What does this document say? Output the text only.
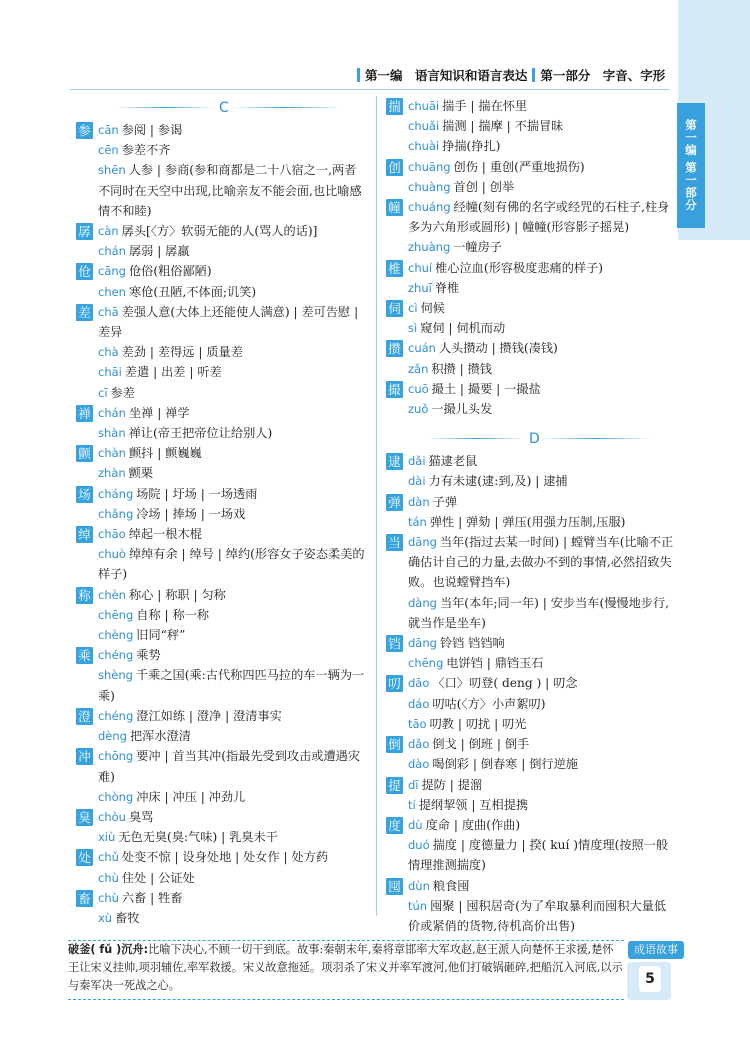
第一编 第一部分
第一编 语言知识和语言表达 第一部分 字音、字形
C
参 cān 参阅 | 参谒
cēn 参差不齐
shēn 人参 | 参商(参和商都是二十八宿之一,两者不同时在天空中出现,比喻亲友不能会面,也比喻感情不和睦)
孱 càn 孱头[〈方〉软弱无能的人(骂人的话)]
chán 孱弱 | 孱羸
伧 cāng 伧俗(粗俗鄙陋)
chen 寒伧(丑陋,不体面;讥笑)
差 chā 差强人意(大体上还能使人满意) | 差可告慰 | 差异
chà 差劲 | 差得远 | 质量差
chāi 差遣 | 出差 | 听差
cī 参差
禅 chán 坐禅 | 禅学
shàn 禅让(帝王把帝位让给别人)
颤 chàn 颤抖 | 颤巍巍
zhàn 颤栗
场 cháng 场院 | 圩场 | 一场透雨
chǎng 冷场 | 捧场 | 一场戏
绰 chāo 绰起一根木棍
chuò 绰绰有余 | 绰号 | 绰约(形容女子姿态柔美的样子)
称 chèn 称心 | 称职 | 匀称
chēng 自称 | 称一称
chèng 旧同“秤”
乘 chéng 乘势
shèng 千乘之国(乘:古代称四匹马拉的车一辆为一乘)
澄 chéng 澄江如练 | 澄净 | 澄清事实
dèng 把浑水澄清
冲 chōng 要冲 | 首当其冲(指最先受到攻击或遭遇灾难)
chòng 冲床 | 冲压 | 冲劲儿
臭 chòu 臭骂
xiù 无色无臭(臭:气味) | 乳臭未干
处 chǔ 处变不惊 | 设身处地 | 处女作 | 处方药
chù 住处 | 公证处
畜 chù 六畜 | 牲畜
xù 畜牧
揣 chuāi 揣手 | 揣在怀里
chuǎi 揣测 | 揣摩 | 不揣冒昧
chuài 挣揣(挣扎)
创 chuāng 创伤 | 重创(严重地损伤)
chuàng 首创 | 创举
幢 chuáng 经幢(刻有佛的名字或经咒的石柱子,柱身多为六角形或圆形) | 幢幢(形容影子摇晃)
zhuàng 一幢房子
椎 chuí 椎心泣血(形容极度悲痛的样子)
zhuī 脊椎
伺 cì 伺候
sì 窥伺 | 伺机而动
攒 cuán 人头攒动 | 攒钱(凑钱)
zǎn 积攒 | 攒钱
撮 cuō 撮土 | 撮要 | 一撮盐
zuǒ 一撮儿头发
D
逮 dǎi 猫逮老鼠
dài 力有未逮(逮:到,及) | 逮捕
弹 dàn 子弹
tán 弹性 | 弹劾 | 弹压(用强力压制,压服)
当 dāng 当年(指过去某一时间) | 螳臂当车(比喻不正确估计自己的力量,去做办不到的事情,必然招致失败。也说螳臂挡车)
dàng 当年(本年;同一年) | 安步当车(慢慢地步行,就当作是坐车)
铛 dāng 铃铛 铛铛响
chēng 电饼铛 | 鼎铛玉石
叨 dāo 〈口〉叨登( deng ) | 叨念
dáo 叨咕(〈方〉小声絮叨)
tāo 叨教 | 叨扰 | 叨光
倒 dǎo 倒戈 | 倒班 | 倒手
dào 喝倒彩 | 倒春寒 | 倒行逆施
提 dī 提防 | 提溜
tí 提纲挈领 | 互相提携
度 dù 度命 | 度曲(作曲)
duó 揣度 | 度德量力 | 揆( kuí )情度理(按照一般情理推测揣度)
囤 dùn 粮食囤
tún 囤聚 | 囤积居奇(为了牟取暴利而囤积大量低价或紧俏的货物,待机高价出售)
破釜( fǔ )沉舟:比喻下决心,不顾一切干到底。故事:秦朝末年,秦将章邯率大军攻赵,赵王派人向楚怀王求援,楚怀王让宋义挂帅,项羽辅佐,率军救援。宋义故意拖延。项羽杀了宋义并率军渡河,他们打破锅砸碎,把船沉入河底,以示与秦军决一死战之心。
成语故事
5
